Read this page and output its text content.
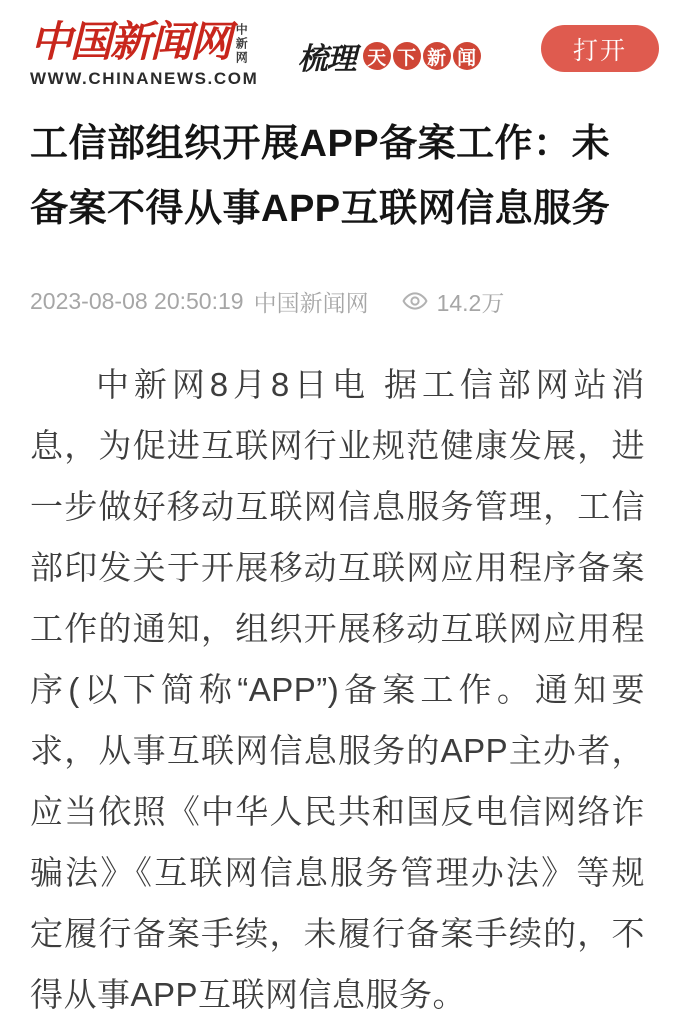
中国新闻网 中新网
WWW.CHINANEWS.COM
梳理 天 下 新 闻	打开
工信部组织开展APP备案工作：未备案不得从事APP互联网信息服务
2023-08-08 20:50:19 中国新闻网	14.2万

中新网8月8日电 据工信部网站消息，为促进互联网行业规范健康发展，进一步做好移动互联网信息服务管理，工信部印发关于开展移动互联网应用程序备案工作的通知，组织开展移动互联网应用程序(以下简称“APP”)备案工作。通知要求，从事互联网信息服务的APP主办者，应当依照《中华人民共和国反电信网络诈骗法》《互联网信息服务管理办法》等规定履行备案手续，未履行备案手续的，不得从事APP互联网信息服务。
